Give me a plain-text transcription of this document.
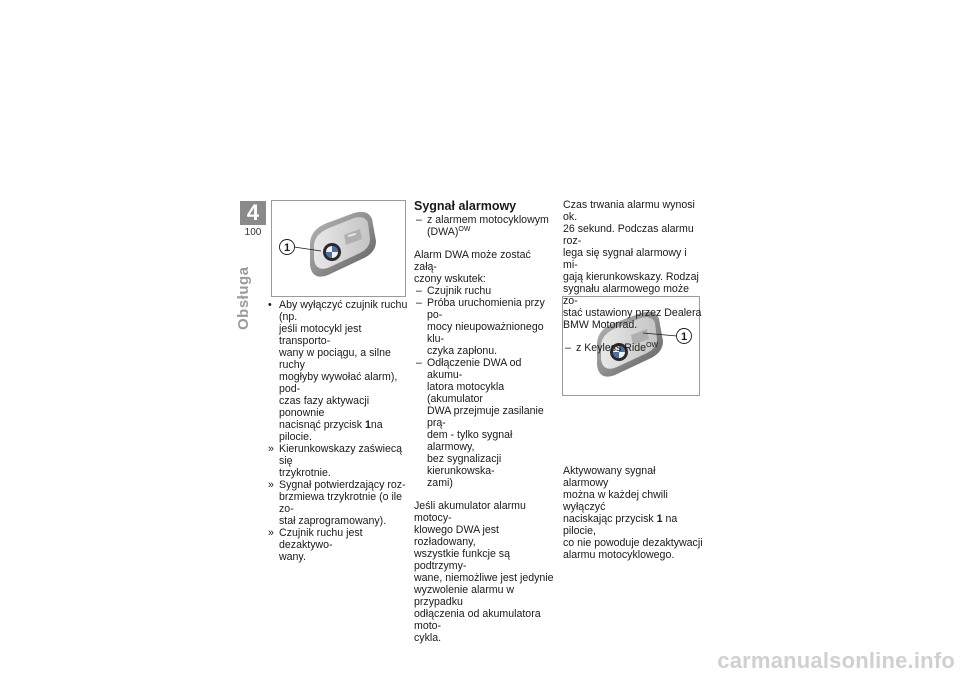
4
100
Obsługa
1
1
• Aby wyłączyć czujnik ruchu (np.
jeśli motocykl jest transporto-
wany w pociągu, a silne ruchy
mogłyby wywołać alarm), pod-
czas fazy aktywacji ponownie
nacisnąć przycisk 1na pilocie.
» Kierunkowskazy zaświecą się
trzykrotnie.
» Sygnał potwierdzający roz-
brzmiewa trzykrotnie (o ile zo-
stał zaprogramowany).
» Czujnik ruchu jest dezaktywo-
wany.
Sygnał alarmowy
– z alarmem motocyklowym
(DWA)$^{OW}$
Alarm DWA może zostać załą-
czony wskutek:
– Czujnik ruchu
– Próba uruchomienia przy po-
mocy nieupoważnionego klu-
czyka zapłonu.
– Odłączenie DWA od akumu-
latora motocykla (akumulator
DWA przejmuje zasilanie prą-
dem - tylko sygnał alarmowy,
bez sygnalizacji kierunkowska-
zami)
Jeśli akumulator alarmu motocy-
klowego DWA jest rozładowany,
wszystkie funkcje są podtrzymy-
wane, niemożliwe jest jedynie
wyzwolenie alarmu w przypadku
odłączenia od akumulatora moto-
cykla.
Czas trwania alarmu wynosi ok.
26 sekund. Podczas alarmu roz-
lega się sygnał alarmowy i mi-
gają kierunkowskazy. Rodzaj
sygnału alarmowego może zo-
stać ustawiony przez Dealera
BMW Motorrad.
– z Keyless Ride$^{OW}$
Aktywowany sygnał alarmowy
można w każdej chwili wyłączyć
naciskając przycisk 1 na pilocie,
co nie powoduje dezaktywacji
alarmu motocyklowego.
carmanualsonline.info
